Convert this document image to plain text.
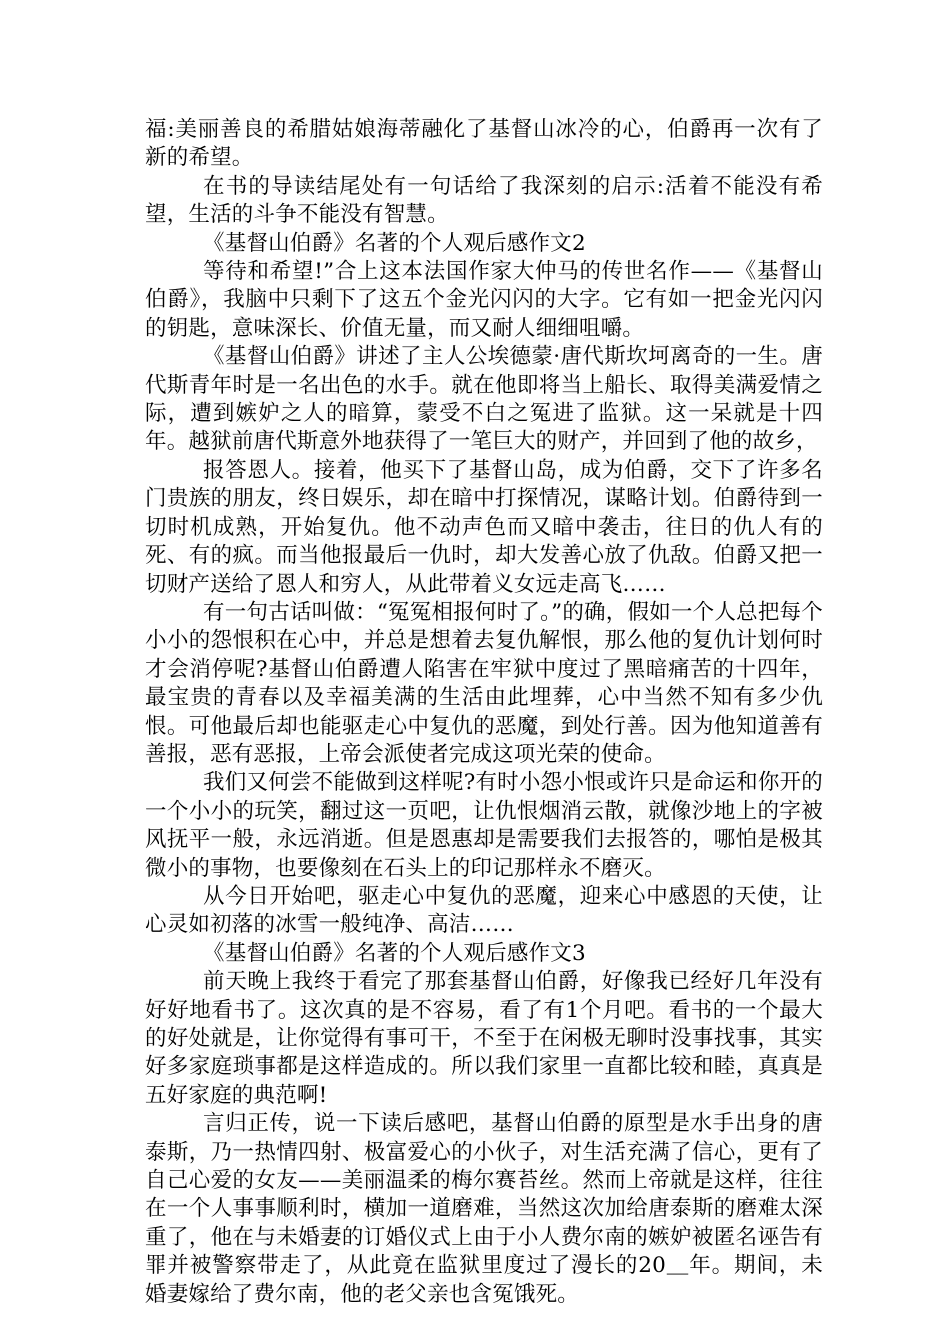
福:美丽善良的希腊姑娘海蒂融化了基督山冰冷的心，伯爵再一次有了新的希望。

在书的导读结尾处有一句话给了我深刻的启示:活着不能没有希望，生活的斗争不能没有智慧。

《基督山伯爵》名著的个人观后感作文2

等待和希望!”合上这本法国作家大仲马的传世名作——《基督山伯爵》，我脑中只剩下了这五个金光闪闪的大字。它有如一把金光闪闪的钥匙，意味深长、价值无量，而又耐人细细咀嚼。

《基督山伯爵》讲述了主人公埃德蒙·唐代斯坎坷离奇的一生。唐代斯青年时是一名出色的水手。就在他即将当上船长、取得美满爱情之际，遭到嫉妒之人的暗算，蒙受不白之冤进了监狱。这一呆就是十四年。越狱前唐代斯意外地获得了一笔巨大的财产，并回到了他的故乡，

报答恩人。接着，他买下了基督山岛，成为伯爵，交下了许多名门贵族的朋友，终日娱乐，却在暗中打探情况，谋略计划。伯爵待到一切时机成熟，开始复仇。他不动声色而又暗中袭击，往日的仇人有的死、有的疯。而当他报最后一仇时，却大发善心放了仇敌。伯爵又把一切财产送给了恩人和穷人，从此带着义女远走高飞……

有一句古话叫做：“冤冤相报何时了。”的确，假如一个人总把每个小小的怨恨积在心中，并总是想着去复仇解恨，那么他的复仇计划何时才会消停呢?基督山伯爵遭人陷害在牢狱中度过了黑暗痛苦的十四年，最宝贵的青春以及幸福美满的生活由此埋葬，心中当然不知有多少仇恨。可他最后却也能驱走心中复仇的恶魔，到处行善。因为他知道善有善报，恶有恶报，上帝会派使者完成这项光荣的使命。

我们又何尝不能做到这样呢?有时小怨小恨或许只是命运和你开的一个小小的玩笑，翻过这一页吧，让仇恨烟消云散，就像沙地上的字被风抚平一般，永远消逝。但是恩惠却是需要我们去报答的，哪怕是极其微小的事物，也要像刻在石头上的印记那样永不磨灭。

从今日开始吧，驱走心中复仇的恶魔，迎来心中感恩的天使，让心灵如初落的冰雪一般纯净、高洁……

《基督山伯爵》名著的个人观后感作文3

前天晚上我终于看完了那套基督山伯爵，好像我已经好几年没有好好地看书了。这次真的是不容易，看了有1个月吧。看书的一个最大的好处就是，让你觉得有事可干，不至于在闲极无聊时没事找事，其实好多家庭琐事都是这样造成的。所以我们家里一直都比较和睦，真真是五好家庭的典范啊!

言归正传，说一下读后感吧，基督山伯爵的原型是水手出身的唐泰斯，乃一热情四射、极富爱心的小伙子，对生活充满了信心，更有了自己心爱的女友——美丽温柔的梅尔赛苔丝。然而上帝就是这样，往往在一个人事事顺利时，横加一道磨难，当然这次加给唐泰斯的磨难太深重了，他在与未婚妻的订婚仪式上由于小人费尔南的嫉妒被匿名诬告有罪并被警察带走了，从此竟在监狱里度过了漫长的20＿年。期间，未婚妻嫁给了费尔南，他的老父亲也含冤饿死。
